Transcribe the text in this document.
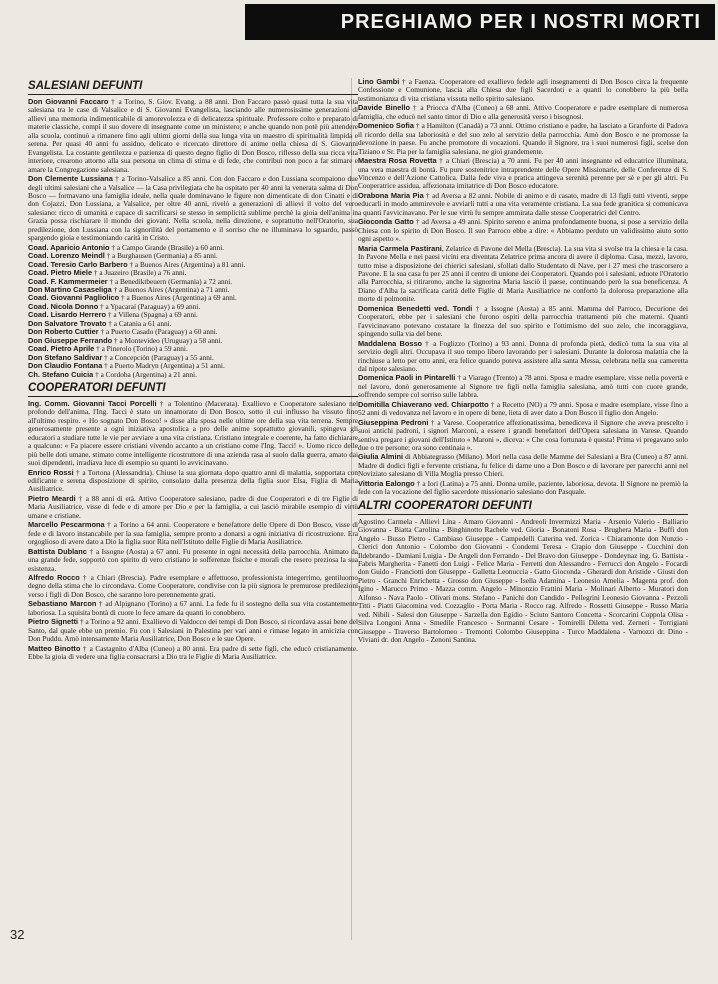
PREGHIAMO PER I NOSTRI MORTI
SALESIANI DEFUNTI

Don Giovanni Faccaro † a Torino, S. Giov. Evang. a 88 anni. Don Faccaro passò quasi tutta la sua vita salesiana tra le case di Valsalice e di S. Giovanni Evangelista, lasciando alle numerosissime generazioni di allievi una memoria indimenticabile di amorevolezza e di delicatezza spirituale. Professore colto e preparato di materie classiche, compì il suo dovere di insegnante come un ministero; e anche quando non potè più attendere alla scuola, continuò a rimanere fino agli ultimi giorni della sua lunga vita un maestro di spiritualità limpida e serena. Per quasi 40 anni fu assiduo, delicato e ricercato direttore di anime nella chiesa di S. Giovanni Evangelista. La costante gentilezza e pazienza di questo degno figlio di Don Bosco, riflesso della sua ricca vita interiore, crearono attorno alla sua persona un clima di stima e di fede, che contribuì non poco a far stimare e amare la Congregazione salesiana.

Don Clemente Lussiana † a Torino-Valsalice a 85 anni. Con don Faccaro e don Lussiana scompaiono due degli ultimi salesiani che a Valsalice — la Casa privilegiata che ha ospitato per 40 anni la venerata salma di Don Bosco — formavano una famiglia ideale, nella quale dominavano le figure non dimenticate di don Cinatti e di don Cojazzi. Don Lussiana, a Valsalice, per oltre 40 anni, rivelò a generazioni di allievi il volto del vero salesiano: ricco di umanità e capace di sacrificarsi se stesso in semplicità sublime perchè la gioia dell'anima in Grazia possa rischiarare il mondo dei giovani. Nella scuola, nella direzione, e soprattutto nell'Oratorio, sua predilezione, don Lussiana con la signorilità del portamento e il sorriso che ne illuminava lo sguardo, passò spargendo gioia e testimoniando carità in Cristo.

Coad. Aparicio Antonio † a Campo Grande (Brasile) a 60 anni.

Coad. Lorenzo Meindl † a Burghausen (Germania) a 85 anni.

Coad. Teresio Carlo Barbero † a Buenos Aires (Argentina) a 81 anni.

Coad. Pietro Miele † a Juazeiro (Brasile) a 76 anni.

Coad. F. Kammermeier † a Benediktbeuern (Germania) a 72 anni.

Don Martino Casaseliga † a Buenos Aires (Argentina) a 71 anni.

Coad. Giovanni Pagliolico † a Buenos Aires (Argentina) a 69 anni.

Coad. Nicola Donno † a Ypacaraí (Paraguay) a 69 anni.

Coad. Lisardo Herrero † a Villena (Spagna) a 69 anni.

Don Salvatore Trovato † a Catania a 61 anni.

Don Roberto Cuttier † a Puerto Casado (Paraguay) a 60 anni.

Don Giuseppe Ferrando † a Montevideo (Uruguay) a 58 anni.

Coad. Pietro Aprile † a Pinerolo (Torino) a 59 anni.

Don Stefano Saldivar † a Concepción (Paraguay) a 55 anni.

Don Claudio Fontana † a Puerto Madryn (Argentina) a 51 anni.

Ch. Stefano Cuicia † a Cordoba (Argentina) a 21 anni.

COOPERATORI DEFUNTI

Ing. Comm. Giovanni Tacci Porcelli † a Tolentino (Macerata). Exallievo e Cooperatore salesiano nel profondo dell'anima, l'Ing. Tacci è stato un innamorato di Don Bosco, sotto il cui influsso ha vissuto fino all'ultimo respiro. « Ho sognato Don Bosco! » disse alla sposa nelle ultime ore della sua vita terrena. Sempre generosamente presente a ogni iniziativa apostolica a pro delle anime soprattutto giovanili, spingeva gli educatori a studiare tutte le vie per avviare a una vita cristiana. Cristiano integrale e coerente, ha fatto dichiarare a qualcuno: « Fa piacere essere cristiani vivendo accanto a un cristiano come l'Ing. Tacci! ». Uomo ricco delle più belle doti umane, stimato come intelligente ricostruttore di una azienda rasa al suolo dalla guerra, amato dai suoi dipendenti, irradiava luce di esempio su quanti lo avvicinavano.

Enrico Rossi † a Tortona (Alessandria). Chiuse la sua giornata dopo quattro anni di malattia, sopportata con edificante e serena disposizione di spirito, consolato dalla presenza della figlia suor Elsa, Figlia di Maria Ausiliatrice.

Pietro Meardi † a 88 anni di età. Attivo Cooperatore salesiano, padre di due Cooperatori e di tre Figlie di Maria Ausiliatrice, visse di fede e di amore per Dio e per la famiglia, a cui lasciò mirabile esempio di virtù umane e cristiane.

Marcello Pescarmona † a Torino a 64 anni. Cooperatore e benefattore delle Opere di Don Bosco, visse di fede e di lavoro instancabile per la sua famiglia, sempre pronto a donarsi a ogni iniziativa di ricostruzione. Era orgoglioso di avere dato a Dio la figlia suor Rita nell'Istituto delle Figlie di Maria Ausiliatrice.

Battista Dublanc † a Issogne (Aosta) a 67 anni. Fu presente in ogni necessità della parrocchia. Animato da una grande fede, sopportò con spirito di vero cristiano le sofferenze fisiche e morali che resero preziosa la sua esistenza.

Alfredo Rocco † a Chiari (Brescia). Padre esemplare e affettuoso, professionista integerrimo, gentiluomo degno della stima che lo circondava. Come Cooperatore, condivise con la più signora le premurose predilezioni verso i figli di Don Bosco, che saranno loro perennemente grati.

Sebastiano Marcon † ad Alpignano (Torino) a 67 anni. La fede fu il sostegno della sua vita costantemente laboriosa. La squisita bontà di cuore lo fece amare da quanti lo conobbero.

Pietro Signetti † a Torino a 92 anni. Exallievo di Valdocco dei tempi di Don Bosco, si ricordava assai bene del Santo, dal quale ebbe un premio. Fu con i Salesiani in Palestina per vari anni e rimase legato in amicizia con Don Puddu. Amò intensamente Maria Ausiliatrice, Don Bosco e le sue Opere.

Matteo Binotto † a Castagnito d'Alba (Cuneo) a 80 anni. Era padre di sette figli, che educò cristianamente. Ebbe la gioia di vedere una figlia consacrarsi a Dio tra le Figlie di Maria Ausiliatrice.

Lino Gambi † a Faenza. Cooperatore ed exallievo fedele agli insegnamenti di Don Bosco circa la frequente Confessione e Comunione, lascia alla Chiesa due figli Sacerdoti e a quanti lo conobbero la più bella testimonianza di vita cristiana vissuta nello spirito salesiano.

Davide Binello † a Priocca d'Alba (Cuneo) a 68 anni. Attivo Cooperatore e padre esemplare di numerosa famiglia, che educò nel santo timor di Dio e alla generosità verso i bisognosi.

Domenico Sofia † a Hamilton (Canadà) a 73 anni. Ottimo cristiano e padre, ha lasciato a Granforte di Padova il ricordo della sua laboriosità e del suo zelo al servizio della parrocchia. Amò don Bosco e ne promosse la devozione in paese. Fu anche promotore di vocazioni. Quando il Signore, tra i suoi numerosi figli, scelse don Tiziano e Sr. Pia per la famiglia salesiana, ne gioì grandemente.

Maestra Rosa Rovetta † a Chiari (Brescia) a 70 anni. Fu per 40 anni insegnante ed educatrice illuminata, una vera maestra di bontà. Fu pure sostenitrice intraprendente delle Opere Missionarie, delle Conferenze di S. Vincenzo e dell'Azione Cattolica. Dalla fede viva e pratica attingeva serenità perenne per sè e per gli altri. Fu Cooperatrice assidua, affezionata imitatrice di Don Bosco educatore.

Orabona Maria Pia † ad Aversa a 82 anni. Nobile di animo e di casato, madre di 13 figli tutti viventi, seppe educarli in modo ammirevole e avviarli tutti a una vita veramente cristiana. La sua fede granitica si comunicava a quanti l'avvicinavano. Per le sue virtù fu sempre ammirata dalle stesse Cooperatrici del Centro.

Gioconda Gatto † ad Aversa a 49 anni. Spirito sereno e anima profondamente buona, si pose a servizio della Chiesa con lo spirito di Don Bosco. Il suo Parroco ebbe a dire: « Abbiamo perduto un validissimo aiuto sotto ogni aspetto ».

Maria Carmela Pastirani, Zelatrice di Pavone del Mella (Brescia). La sua vita si svolse tra la chiesa e la casa. In Pavone Mella e nei paesi vicini era diventata Zelatrice prima ancora di avere il diploma. Casa, mezzi, lavoro, tutto mise a disposizione dei chierici salesiani, sfollati dallo Studentato di Nave, per i 27 mesi che trascorsero a Pavone. E la sua casa fu per 25 anni il centro di unione dei Cooperatori. Quando poi i salesiani, eduote l'Oratorio alla Parrocchia, si ritirarono, anche la signorina Maria lasciò il paese, continuando però la sua beneficenza. A Diano d'Alba la sacrificata carità delle Figlie di Maria Ausiliatrice ne confortò la dolorosa preparazione alla morte di polmonite.

Domenica Benedetti ved. Tondi † a Issogne (Aosta) a 85 anni. Mamma del Parroco, Decurione dei Cooperatori, ebbe per i salesiani che furono ospiti della parrocchia trattamenti più che materni. Quanti l'avvicinavano potevano costatare la finezza del suo spirito e l'ottimismo del suo zelo, che incoraggiava, spingendo sulla via del bene.

Maddalena Bosso † a Foglizzo (Torino) a 93 anni. Donna di profonda pietà, dedicò tutta la sua vita al servizio degli altri. Occupava il suo tempo libero lavorando per i salesiani. Durante la dolorosa malattia che la rinchiuse a letto per otto anni, era felice quando poteva assistere alla santa Messa, celebrata nella sua cameretta dal nipote salesiano.

Domenica Paoli in Pintarelli † a Viarago (Trento) a 78 anni. Sposa e madre esemplare, visse nella povertà e nel lavoro, donò generosamente al Signore tre figli nella famiglia salesiana, amò tutti con cuore grande, soffrendo sempre col sorriso sulle labbra.

Domitilla Chiaverano ved. Chiarpotto † a Recetto (NO) a 79 anni. Sposa e madre esemplare, visse fino a 52 anni di vedovanza nel lavoro e in opere di bene, lieta di aver dato a Don Bosco il figlio don Angelo.

Giuseppina Pedroni † a Varese. Cooperatrice affezionatissima, benediceva il Signore che aveva prescelto i suoi antichi padroni, i signori Marconi, a essere i grandi benefattori dell'Opera salesiana in Varese. Quando sentiva pregare i giovani dell'Istituto « Maroni », diceva: « Che cosa fortunata è questa! Prima vi pregavano solo due o tre persone; ora sono centinaia ».

Giulia Almini di Abbiategrasso (Milano). Morì nella casa delle Mamme dei Salesiani a Bra (Cuneo) a 87 anni. Madre di dodici figli e fervente cristiana, fu felice di darne uno a Don Bosco e di lavorare per parecchi anni nel Noviziato salesiano di Villa Moglia presso Chieri.

Vittoria Ealongo † a Iori (Latina) a 75 anni. Donna umile, paziente, laboriosa, devota. Il Signore ne premiò la fede con la vocazione del figlio sacerdote missionario salesiano don Pasquale.

ALTRI COOPERATORI DEFUNTI

Agostino Carmela - Allievi Lina - Amaro Giovanni - Andreoli Invermizzi Maria - Arsenio Valerio - Balliario Giovanna - Biatta Carolina - Binghinotto Rachele ved. Gioria - Bonatoni Rosa - Brughera Maria - Buffi don Angelo - Busso Pietro - Cambiaso Giuseppe - Campedelli Caterina ved. Zorica - Chiaramonte don Nunzio - Clerici don Antonio - Colombo don Giovanni - Condemi Teresa - Crapio don Giuseppe - Cucchini don Ildebrando - Damiani Luigia - De Angeli don Ferrando - Del Bravo don Giuseppe - Dondeynaz ing. G. Battista - Fabris Margherita - Fanetti don Luigi - Felice Maria - Ferretti don Alessandro - Ferrucci don Angelo - Focardi don Guido - Franciotti don Giuseppe - Galletta Leonuccia - Gatto Gioconda - Gherardi don Aristide - Giusti don Pietro - Granchi Enrichetta - Grosso don Giuseppe - Isella Adamina - Leonesio Amelia - Magenta prof. don Igino - Marucco Primo - Mazza comm. Angelo - Minonzio Frattini Maria - Molinari Alberto - Muratori don Alfonso - Nava Paolo - Olivari mons. Stefano - Panichi don Candido - Pellegrini Leonesio Giovanna - Pezzoli Titti - Piatti Giacomina ved. Cozzaglio - Porta Maria - Rocco rag. Alfredo - Rossetti Giuseppe - Russo Maria ved. Nibili - Salesi don Giuseppe - Sarzella don Egidio - Sciuto Santoro Concetta - Scorcarini Coppola Olisa - Silva Longoni Anna - Smedile Francesco - Sormanni Cesare - Tomirelli Diletta ved. Zerneri - Torrigiani Giuseppe - Traverso Bartolomeo - Tremonti Colombo Giuseppina - Turco Maddalena - Varnozzi dr. Dino - Viviani dr. don Angelo - Zenoni Santina.

32
